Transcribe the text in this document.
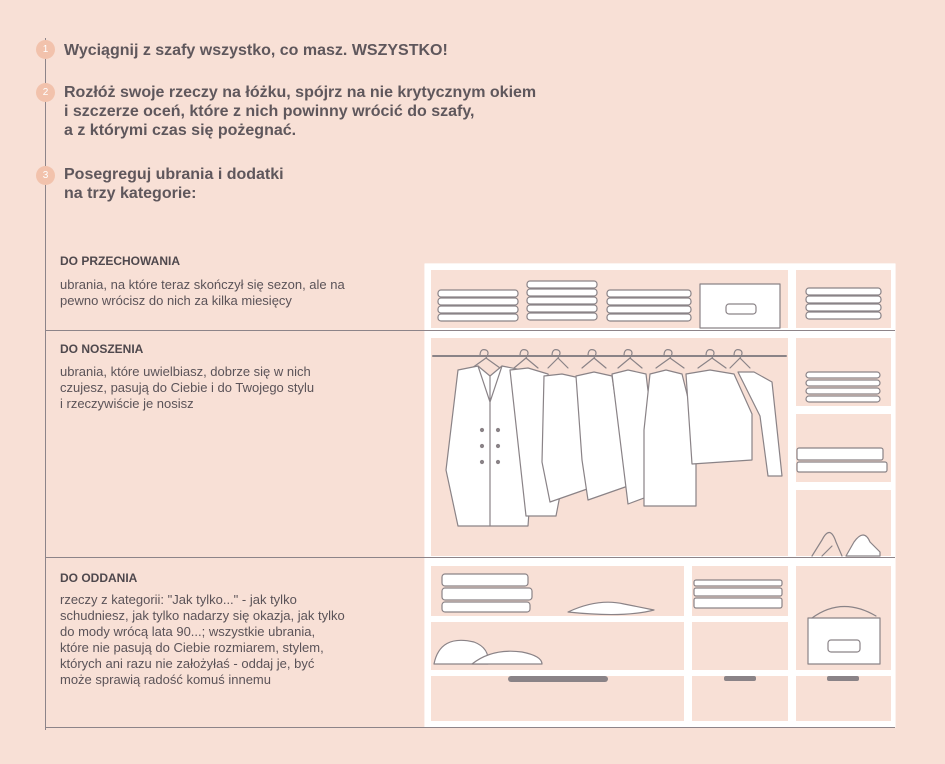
1 Wyciągnij z szafy wszystko, co masz. WSZYSTKO!
2 Rozłóż swoje rzeczy na łóżku, spójrz na nie krytycznym okiem
i szczerze oceń, które z nich powinny wrócić do szafy,
a z którymi czas się pożegnać.
3 Posegreguj ubrania i dodatki
na trzy kategorie:
DO PRZECHOWANIA
ubrania, na które teraz skończył się sezon, ale na
pewno wrócisz do nich za kilka miesięcy
DO NOSZENIA
ubrania, które uwielbiasz, dobrze się w nich
czujesz, pasują do Ciebie i do Twojego stylu
i rzeczywiście je nosisz
DO ODDANIA
rzeczy z kategorii: "Jak tylko..." - jak tylko
schudniesz, jak tylko nadarzy się okazja, jak tylko
do mody wrócą lata 90...; wszystkie ubrania,
które nie pasują do Ciebie rozmiarem, stylem,
których ani razu nie założyłaś - oddaj je, być
może sprawią radość komuś innemu
